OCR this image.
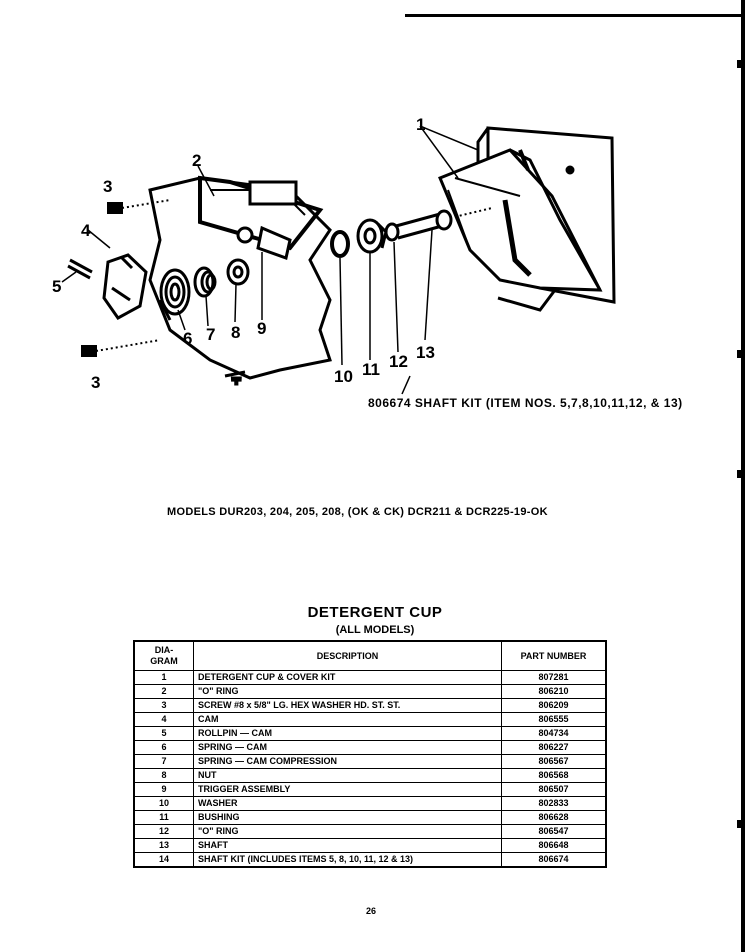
'T'
1
2
3
3
4
5
6 7 8 9
10 11 12 13
806674 SHAFT KIT (ITEM NOS. 5,7,8,10,11,12, & 13)
MODELS DUR203, 204, 205, 208, (OK & CK) DCR211 & DCR225-19-OK
DETERGENT CUP
(ALL MODELS)
DIA-
GRAM	DESCRIPTION	PART NUMBER
1	DETERGENT CUP & COVER KIT	807281
2	"O" RING	806210
3	SCREW #8 x 5/8" LG. HEX WASHER HD. ST. ST.	806209
4	CAM	806555
5	ROLLPIN — CAM	804734
6	SPRING — CAM	806227
7	SPRING — CAM COMPRESSION	806567
8	NUT	806568
9	TRIGGER ASSEMBLY	806507
10	WASHER	802833
11	BUSHING	806628
12	"O" RING	806547
13	SHAFT	806648
14	SHAFT KIT (INCLUDES ITEMS 5, 8, 10, 11, 12 & 13)	806674
26
